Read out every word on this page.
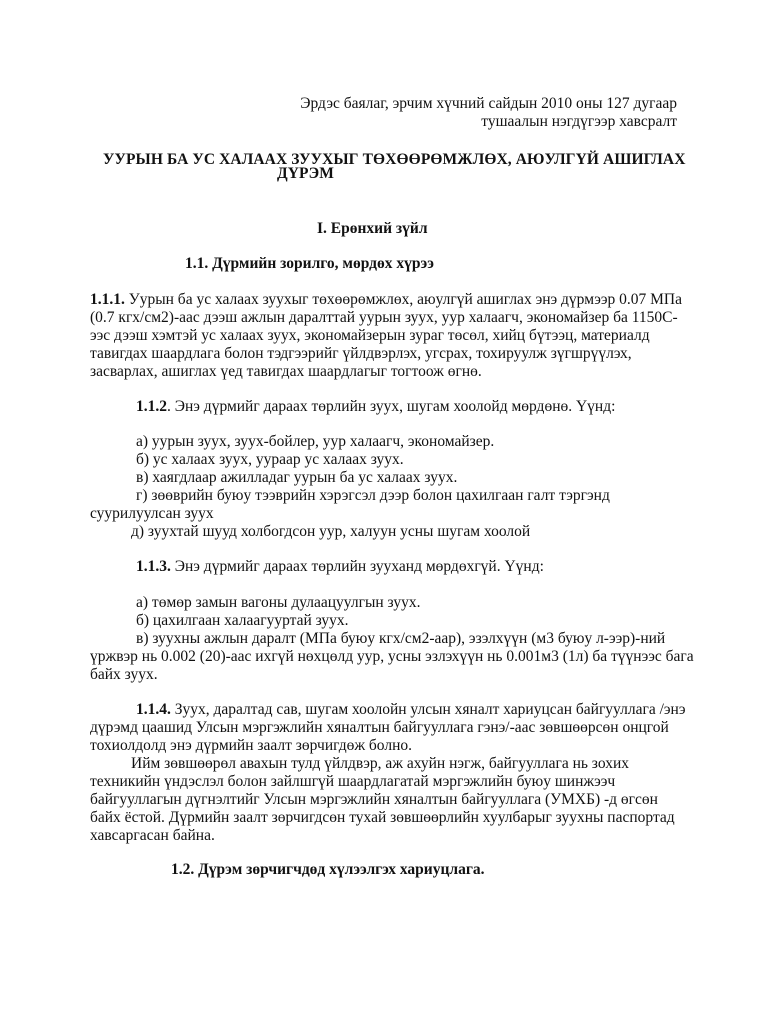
Эрдэс баялаг, эрчим хүчний сайдын 2010 оны 127 дугаар

тушаалын нэгдүгээр хавсралт

УУРЫН БА УС ХАЛААХ ЗУУХЫГ ТӨХӨӨРӨМЖЛӨХ, АЮУЛГҮЙ АШИГЛАХ

ДҮРЭМ

I. Ерөнхий зүйл

1.1. Дүрмийн зорилго, мөрдөх хүрээ

1.1.1. Уурын ба ус халаах зуухыг төхөөрөмжлөх, аюулгүй ашиглах энэ дүрмээр 0.07 МПа

(0.7 кгх/см2)-аас дээш ажлын даралттай уурын зуух, уур халаагч, экономайзер ба 1150С-

ээс дээш хэмтэй ус халаах зуух, экономайзерын зураг төсөл, хийц бүтээц, материалд

тавигдах шаардлага болон тэдгээрийг үйлдвэрлэх, угсрах, тохируулж зүгшрүүлэх,

засварлах, ашиглах үед тавигдах шаардлагыг тогтоож өгнө.

1.1.2. Энэ дүрмийг дараах төрлийн зуух, шугам хоолойд мөрдөнө. Үүнд:

а) уурын зуух, зуух-бойлер, уур халаагч, экономайзер.

б) ус халаах зуух, уураар ус халаах зуух.

в) хаягдлаар ажилладаг уурын ба ус халаах зуух.

г) зөөврийн буюу тээврийн хэрэгсэл дээр болон цахилгаан галт тэргэнд

суурилуулсан зуух

д) зуухтай шууд холбогдсон уур, халуун усны шугам хоолой

1.1.3. Энэ дүрмийг дараах төрлийн зууханд мөрдөхгүй. Үүнд:

а) төмөр замын вагоны дулаацуулгын зуух.

б) цахилгаан халаагууртай зуух.

в) зуухны ажлын даралт (МПа буюу кгх/см2-аар), эзэлхүүн (м3 буюу л-ээр)-ний

үржвэр нь 0.002 (20)-аас ихгүй нөхцөлд уур, усны эзлэхүүн нь 0.001м3 (1л) ба түүнээс бага

байх зуух.

1.1.4. Зуух, даралтад сав, шугам хоолойн улсын хяналт хариуцсан байгууллага /энэ

дүрэмд цаашид Улсын мэргэжлийн хяналтын байгууллага гэнэ/-аас зөвшөөрсөн онцгой

тохиолдолд энэ дүрмийн заалт зөрчигдөж болно.

Ийм зөвшөөрөл авахын тулд үйлдвэр, аж ахуйн нэгж, байгууллага нь зохих

техникийн үндэслэл болон зайлшгүй шаардлагатай мэргэжлийн буюу шинжээч

байгууллагын дүгнэлтийг Улсын мэргэжлийн хяналтын байгууллага (УМХБ) -д өгсөн

байх ёстой. Дүрмийн заалт зөрчигдсөн тухай зөвшөөрлийн хуулбарыг зуухны паспортад

хавсаргасан байна.

1.2. Дүрэм зөрчигчдөд хүлээлгэх хариуцлага.
